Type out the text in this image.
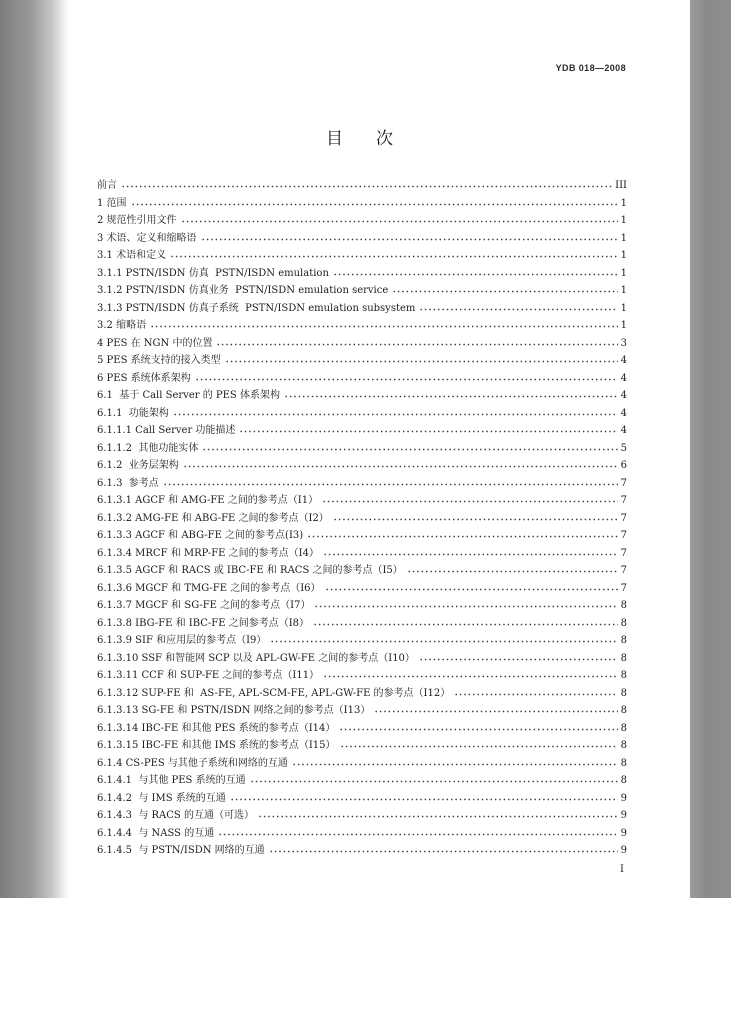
YDB 018—2008
目　次
前言	III
1 范围	1
2 规范性引用文件	1
3 术语、定义和缩略语	1
3.1 术语和定义	1
3.1.1 PSTN/ISDN 仿真  PSTN/ISDN emulation	1
3.1.2 PSTN/ISDN 仿真业务  PSTN/ISDN emulation service	1
3.1.3 PSTN/ISDN 仿真子系统  PSTN/ISDN emulation subsystem	1
3.2 缩略语	1
4 PES 在 NGN 中的位置	3
5 PES 系统支持的接入类型	4
6 PES 系统体系架构	4
6.1  基于 Call Server 的 PES 体系架构	4
6.1.1  功能架构	4
6.1.1.1 Call Server 功能描述	4
6.1.1.2  其他功能实体	5
6.1.2  业务层架构	6
6.1.3  参考点	7
6.1.3.1 AGCF 和 AMG-FE 之间的参考点（I1）	7
6.1.3.2 AMG-FE 和 ABG-FE 之间的参考点（I2）	7
6.1.3.3 AGCF 和 ABG-FE 之间的参考点(I3)	7
6.1.3.4 MRCF 和 MRP-FE 之间的参考点（I4）	7
6.1.3.5 AGCF 和 RACS 或 IBC-FE 和 RACS 之间的参考点（I5）	7
6.1.3.6 MGCF 和 TMG-FE 之间的参考点（I6）	7
6.1.3.7 MGCF 和 SG-FE 之间的参考点（I7）	8
6.1.3.8 IBG-FE 和 IBC-FE 之间参考点（I8）	8
6.1.3.9 SIF 和应用层的参考点（I9）	8
6.1.3.10 SSF 和智能网 SCP 以及 APL-GW-FE 之间的参考点（I10）	8
6.1.3.11 CCF 和 SUP-FE 之间的参考点（I11）	8
6.1.3.12 SUP-FE 和  AS-FE, APL-SCM-FE, APL-GW-FE 的参考点（I12）	8
6.1.3.13 SG-FE 和 PSTN/ISDN 网络之间的参考点（I13）	8
6.1.3.14 IBC-FE 和其他 PES 系统的参考点（I14）	8
6.1.3.15 IBC-FE 和其他 IMS 系统的参考点（I15）	8
6.1.4 CS-PES 与其他子系统和网络的互通	8
6.1.4.1  与其他 PES 系统的互通	8
6.1.4.2  与 IMS 系统的互通	9
6.1.4.3  与 RACS 的互通（可选）	9
6.1.4.4  与 NASS 的互通	9
6.1.4.5  与 PSTN/ISDN 网络的互通	9
I
